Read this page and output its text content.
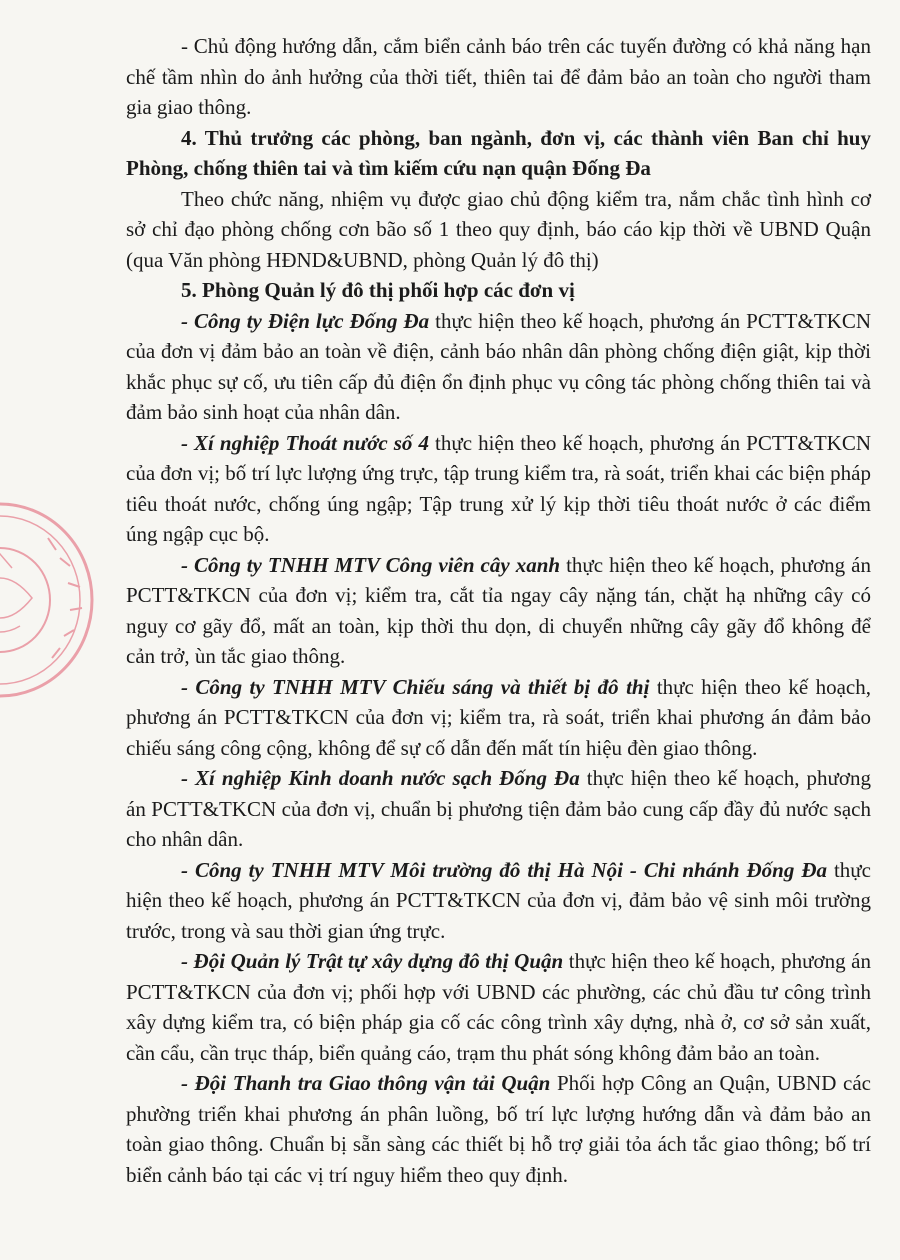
- Chủ động hướng dẫn, cắm biển cảnh báo trên các tuyến đường có khả năng hạn chế tầm nhìn do ảnh hưởng của thời tiết, thiên tai để đảm bảo an toàn cho người tham gia giao thông.

4. Thủ trưởng các phòng, ban ngành, đơn vị, các thành viên Ban chỉ huy Phòng, chống thiên tai và tìm kiếm cứu nạn quận Đống Đa

Theo chức năng, nhiệm vụ được giao chủ động kiểm tra, nắm chắc tình hình cơ sở chỉ đạo phòng chống cơn bão số 1 theo quy định, báo cáo kịp thời về UBND Quận (qua Văn phòng HĐND&UBND, phòng Quản lý đô thị)

5. Phòng Quản lý đô thị phối hợp các đơn vị

- Công ty Điện lực Đống Đa thực hiện theo kế hoạch, phương án PCTT&TKCN của đơn vị đảm bảo an toàn về điện, cảnh báo nhân dân phòng chống điện giật, kịp thời khắc phục sự cố, ưu tiên cấp đủ điện ổn định phục vụ công tác phòng chống thiên tai và đảm bảo sinh hoạt của nhân dân.

- Xí nghiệp Thoát nước số 4 thực hiện theo kế hoạch, phương án PCTT&TKCN của đơn vị; bố trí lực lượng ứng trực, tập trung kiểm tra, rà soát, triển khai các biện pháp tiêu thoát nước, chống úng ngập; Tập trung xử lý kịp thời tiêu thoát nước ở các điểm úng ngập cục bộ.

- Công ty TNHH MTV Công viên cây xanh thực hiện theo kế hoạch, phương án PCTT&TKCN của đơn vị; kiểm tra, cắt tỉa ngay cây nặng tán, chặt hạ những cây có nguy cơ gãy đổ, mất an toàn, kịp thời thu dọn, di chuyển những cây gãy đổ không để cản trở, ùn tắc giao thông.

- Công ty TNHH MTV Chiếu sáng và thiết bị đô thị thực hiện theo kế hoạch, phương án PCTT&TKCN của đơn vị; kiểm tra, rà soát, triển khai phương án đảm bảo chiếu sáng công cộng, không để sự cố dẫn đến mất tín hiệu đèn giao thông.

- Xí nghiệp Kinh doanh nước sạch Đống Đa thực hiện theo kế hoạch, phương án PCTT&TKCN của đơn vị, chuẩn bị phương tiện đảm bảo cung cấp đầy đủ nước sạch cho nhân dân.

- Công ty TNHH MTV Môi trường đô thị Hà Nội - Chi nhánh Đống Đa thực hiện theo kế hoạch, phương án PCTT&TKCN của đơn vị, đảm bảo vệ sinh môi trường trước, trong và sau thời gian ứng trực.

- Đội Quản lý Trật tự xây dựng đô thị Quận thực hiện theo kế hoạch, phương án PCTT&TKCN của đơn vị; phối hợp với UBND các phường, các chủ đầu tư công trình xây dựng kiểm tra, có biện pháp gia cố các công trình xây dựng, nhà ở, cơ sở sản xuất, cần cẩu, cần trục tháp, biển quảng cáo, trạm thu phát sóng không đảm bảo an toàn.

- Đội Thanh tra Giao thông vận tải Quận Phối hợp Công an Quận, UBND các phường triển khai phương án phân luồng, bố trí lực lượng hướng dẫn và đảm bảo an toàn giao thông. Chuẩn bị sẵn sàng các thiết bị hỗ trợ giải tỏa ách tắc giao thông; bố trí biển cảnh báo tại các vị trí nguy hiểm theo quy định.
